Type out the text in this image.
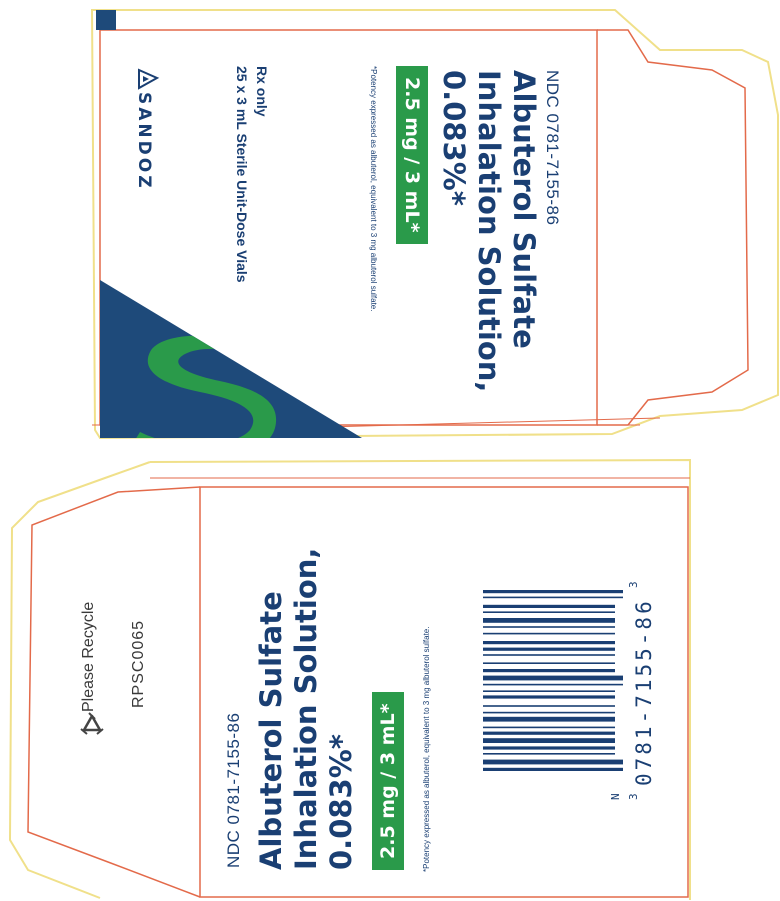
NDC 0781-7155-86
Albuterol Sulfate
Inhalation Solution,
0.083%*
2.5 mg / 3 mL*
*Potency expressed as albuterol, equivalent to 3 mg albuterol sulfate.
Rx only
25 x 3 mL Sterile Unit-Dose Vials
SANDOZ
Please Recycle RPSC0065
NDC 0781-7155-86 Albuterol Sulfate Inhalation Solution, 0.083%* 2.5 mg / 3 mL*	*Potency expressed as albuterol, equivalent to 3 mg albuterol sulfate.	0781-7155-86
3
3
N
